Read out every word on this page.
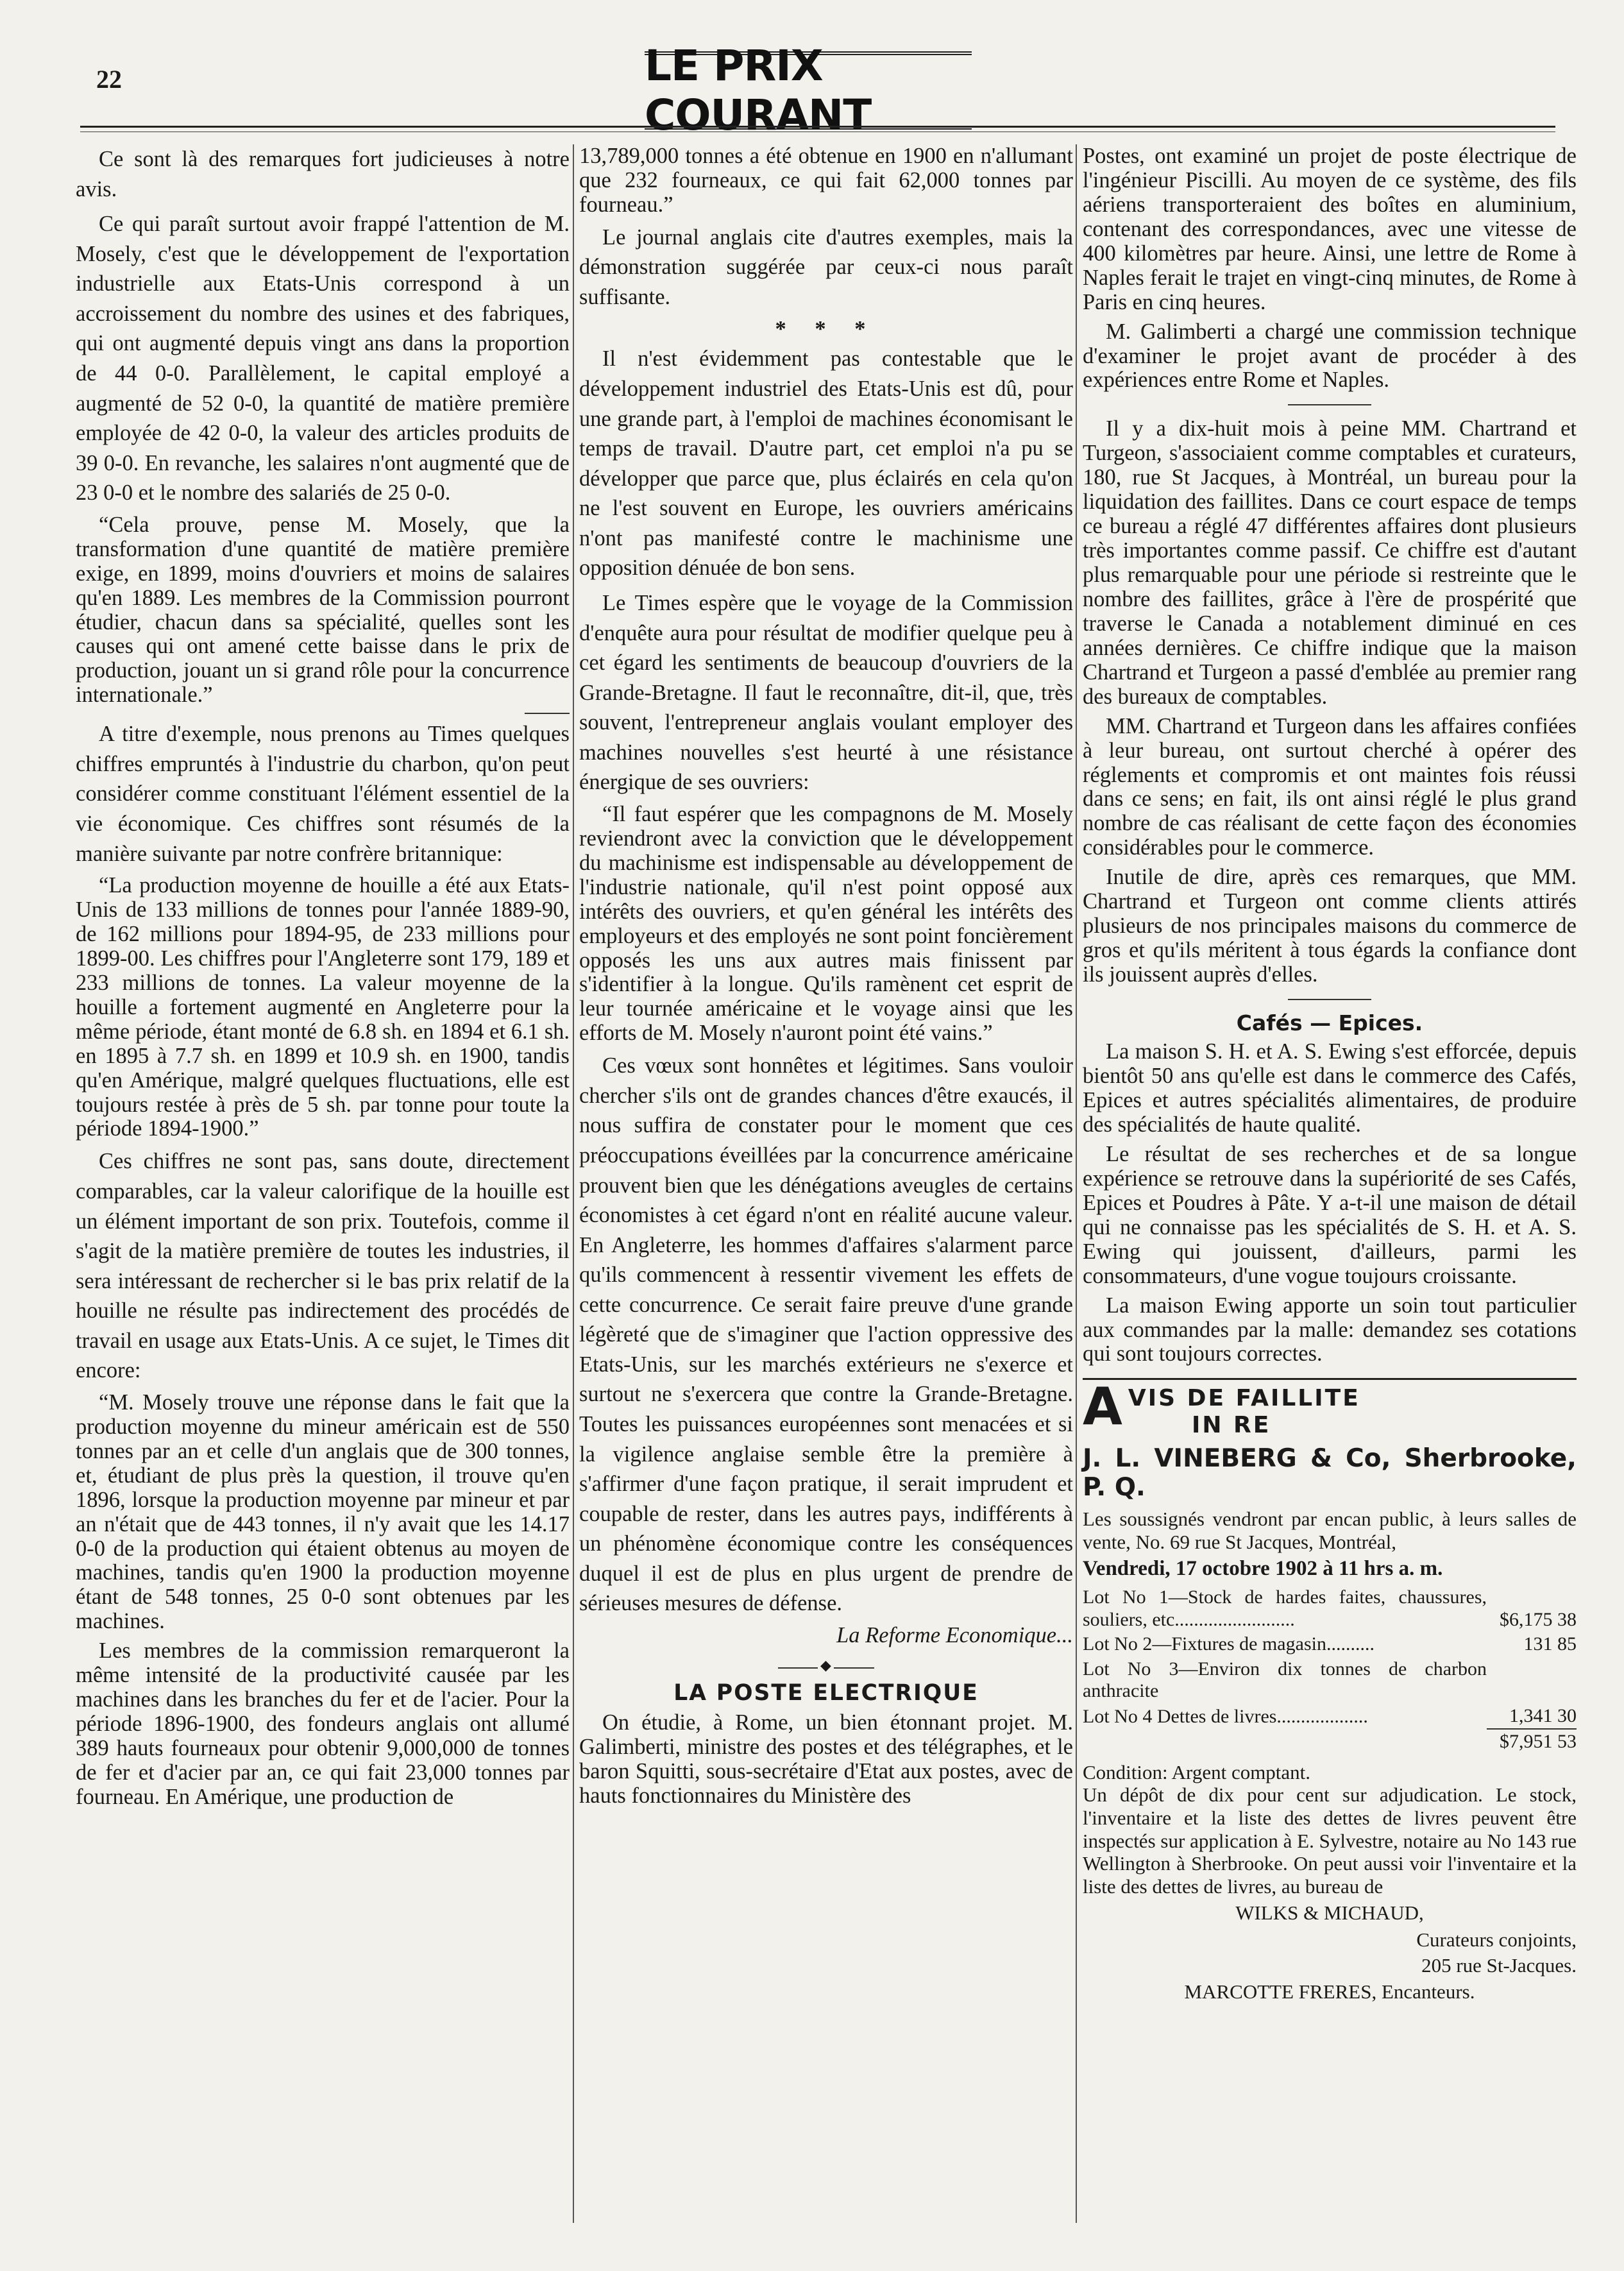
22	LE PRIX COURANT

Ce sont là des remarques fort judicieuses à notre avis.

Ce qui paraît surtout avoir frappé l'attention de M. Mosely, c'est que le développement de l'exportation industrielle aux Etats-Unis correspond à un accroissement du nombre des usines et des fabriques, qui ont augmenté depuis vingt ans dans la proportion de 44 0-0. Parallèlement, le capital employé a augmenté de 52 0-0, la quantité de matière première employée de 42 0-0, la valeur des articles produits de 39 0-0. En revanche, les salaires n'ont augmenté que de 23 0-0 et le nombre des salariés de 25 0-0.

“Cela prouve, pense M. Mosely, que la transformation d'une quantité de matière première exige, en 1899, moins d'ouvriers et moins de salaires qu'en 1889. Les membres de la Commission pourront étudier, chacun dans sa spécialité, quelles sont les causes qui ont amené cette baisse dans le prix de production, jouant un si grand rôle pour la concurrence internationale.”

A titre d'exemple, nous prenons au Times quelques chiffres empruntés à l'industrie du charbon, qu'on peut considérer comme constituant l'élément essentiel de la vie économique. Ces chiffres sont résumés de la manière suivante par notre confrère britannique:

“La production moyenne de houille a été aux Etats-Unis de 133 millions de tonnes pour l'année 1889-90, de 162 millions pour 1894-95, de 233 millions pour 1899-00. Les chiffres pour l'Angleterre sont 179, 189 et 233 millions de tonnes. La valeur moyenne de la houille a fortement augmenté en Angleterre pour la même période, étant monté de 6.8 sh. en 1894 et 6.1 sh. en 1895 à 7.7 sh. en 1899 et 10.9 sh. en 1900, tandis qu'en Amérique, malgré quelques fluctuations, elle est toujours restée à près de 5 sh. par tonne pour toute la période 1894-1900.”

Ces chiffres ne sont pas, sans doute, directement comparables, car la valeur calorifique de la houille est un élément important de son prix. Toutefois, comme il s'agit de la matière première de toutes les industries, il sera intéressant de rechercher si le bas prix relatif de la houille ne résulte pas indirectement des procédés de travail en usage aux Etats-Unis. A ce sujet, le Times dit encore:

“M. Mosely trouve une réponse dans le fait que la production moyenne du mineur américain est de 550 tonnes par an et celle d'un anglais que de 300 tonnes, et, étudiant de plus près la question, il trouve qu'en 1896, lorsque la production moyenne par mineur et par an n'était que de 443 tonnes, il n'y avait que les 14.17 0-0 de la production qui étaient obtenus au moyen de machines, tandis qu'en 1900 la production moyenne étant de 548 tonnes, 25 0-0 sont obtenues par les machines.

Les membres de la commission remarqueront la même intensité de la productivité causée par les machines dans les branches du fer et de l'acier. Pour la période 1896-1900, des fondeurs anglais ont allumé 389 hauts fourneaux pour obtenir 9,000,000 de tonnes de fer et d'acier par an, ce qui fait 23,000 tonnes par fourneau. En Amérique, une production de

13,789,000 tonnes a été obtenue en 1900 en n'allumant que 232 fourneaux, ce qui fait 62,000 tonnes par fourneau.”

Le journal anglais cite d'autres exemples, mais la démonstration suggérée par ceux-ci nous paraît suffisante.

* * *

Il n'est évidemment pas contestable que le développement industriel des Etats-Unis est dû, pour une grande part, à l'emploi de machines économisant le temps de travail. D'autre part, cet emploi n'a pu se développer que parce que, plus éclairés en cela qu'on ne l'est souvent en Europe, les ouvriers américains n'ont pas manifesté contre le machinisme une opposition dénuée de bon sens.

Le Times espère que le voyage de la Commission d'enquête aura pour résultat de modifier quelque peu à cet égard les sentiments de beaucoup d'ouvriers de la Grande-Bretagne. Il faut le reconnaître, dit-il, que, très souvent, l'entrepreneur anglais voulant employer des machines nouvelles s'est heurté à une résistance énergique de ses ouvriers:

“Il faut espérer que les compagnons de M. Mosely reviendront avec la conviction que le développement du machinisme est indispensable au développement de l'industrie nationale, qu'il n'est point opposé aux intérêts des ouvriers, et qu'en général les intérêts des employeurs et des employés ne sont point foncièrement opposés les uns aux autres mais finissent par s'identifier à la longue. Qu'ils ramènent cet esprit de leur tournée américaine et le voyage ainsi que les efforts de M. Mosely n'auront point été vains.”

Ces vœux sont honnêtes et légitimes. Sans vouloir chercher s'ils ont de grandes chances d'être exaucés, il nous suffira de constater pour le moment que ces préoccupations éveillées par la concurrence américaine prouvent bien que les dénégations aveugles de certains économistes à cet égard n'ont en réalité aucune valeur. En Angleterre, les hommes d'affaires s'alarment parce qu'ils commencent à ressentir vivement les effets de cette concurrence. Ce serait faire preuve d'une grande légèreté que de s'imaginer que l'action oppressive des Etats-Unis, sur les marchés extérieurs ne s'exerce et surtout ne s'exercera que contre la Grande-Bretagne. Toutes les puissances européennes sont menacées et si la vigilence anglaise semble être la première à s'affirmer d'une façon pratique, il serait imprudent et coupable de rester, dans les autres pays, indifférents à un phénomène économique contre les conséquences duquel il est de plus en plus urgent de prendre de sérieuses mesures de défense.

La Reforme Economique...

◆
LA POSTE ELECTRIQUE

On étudie, à Rome, un bien étonnant projet. M. Galimberti, ministre des postes et des télégraphes, et le baron Squitti, sous-secrétaire d'Etat aux postes, avec de hauts fonctionnaires du Ministère des

Postes, ont examiné un projet de poste électrique de l'ingénieur Piscilli. Au moyen de ce système, des fils aériens transporteraient des boîtes en aluminium, contenant des correspondances, avec une vitesse de 400 kilomètres par heure. Ainsi, une lettre de Rome à Naples ferait le trajet en vingt-cinq minutes, de Rome à Paris en cinq heures.

M. Galimberti a chargé une commission technique d'examiner le projet avant de procéder à des expériences entre Rome et Naples.

Il y a dix-huit mois à peine MM. Chartrand et Turgeon, s'associaient comme comptables et curateurs, 180, rue St Jacques, à Montréal, un bureau pour la liquidation des faillites. Dans ce court espace de temps ce bureau a réglé 47 différentes affaires dont plusieurs très importantes comme passif. Ce chiffre est d'autant plus remarquable pour une période si restreinte que le nombre des faillites, grâce à l'ère de prospérité que traverse le Canada a notablement diminué en ces années dernières. Ce chiffre indique que la maison Chartrand et Turgeon a passé d'emblée au premier rang des bureaux de comptables.

MM. Chartrand et Turgeon dans les affaires confiées à leur bureau, ont surtout cherché à opérer des réglements et compromis et ont maintes fois réussi dans ce sens; en fait, ils ont ainsi réglé le plus grand nombre de cas réalisant de cette façon des économies considérables pour le commerce.

Inutile de dire, après ces remarques, que MM. Chartrand et Turgeon ont comme clients attirés plusieurs de nos principales maisons du commerce de gros et qu'ils méritent à tous égards la confiance dont ils jouissent auprès d'elles.

Cafés — Epices.

La maison S. H. et A. S. Ewing s'est efforcée, depuis bientôt 50 ans qu'elle est dans le commerce des Cafés, Epices et autres spécialités alimentaires, de produire des spécialités de haute qualité.

Le résultat de ses recherches et de sa longue expérience se retrouve dans la supériorité de ses Cafés, Epices et Poudres à Pâte. Y a-t-il une maison de détail qui ne connaisse pas les spécialités de S. H. et A. S. Ewing qui jouissent, d'ailleurs, parmi les consommateurs, d'une vogue toujours croissante.

La maison Ewing apporte un soin tout particulier aux commandes par la malle: demandez ses cotations qui sont toujours correctes.

AVIS DE FAILLITE
IN RE
J. L. VINEBERG & Co, Sherbrooke, P. Q.
Les soussignés vendront par encan public, à leurs salles de vente, No. 69 rue St Jacques, Montréal,
Vendredi, 17 octobre 1902 à 11 hrs a. m.
Lot No 1—Stock de hardes faites, chaussures, souliers, etc.........................	$6,175 38
Lot No 2—Fixtures de magasin..........	131 85
Lot No 3—Environ dix tonnes de charbon anthracite	
Lot No 4 Dettes de livres...................	1,341 30
	$7,951 53
Condition: Argent comptant.
Un dépôt de dix pour cent sur adjudication. Le stock, l'inventaire et la liste des dettes de livres peuvent être inspectés sur application à E. Sylvestre, notaire au No 143 rue Wellington à Sherbrooke. On peut aussi voir l'inventaire et la liste des dettes de livres, au bureau de
WILKS & MICHAUD,
Curateurs conjoints,
205 rue St-Jacques.
MARCOTTE FRERES, Encanteurs.
